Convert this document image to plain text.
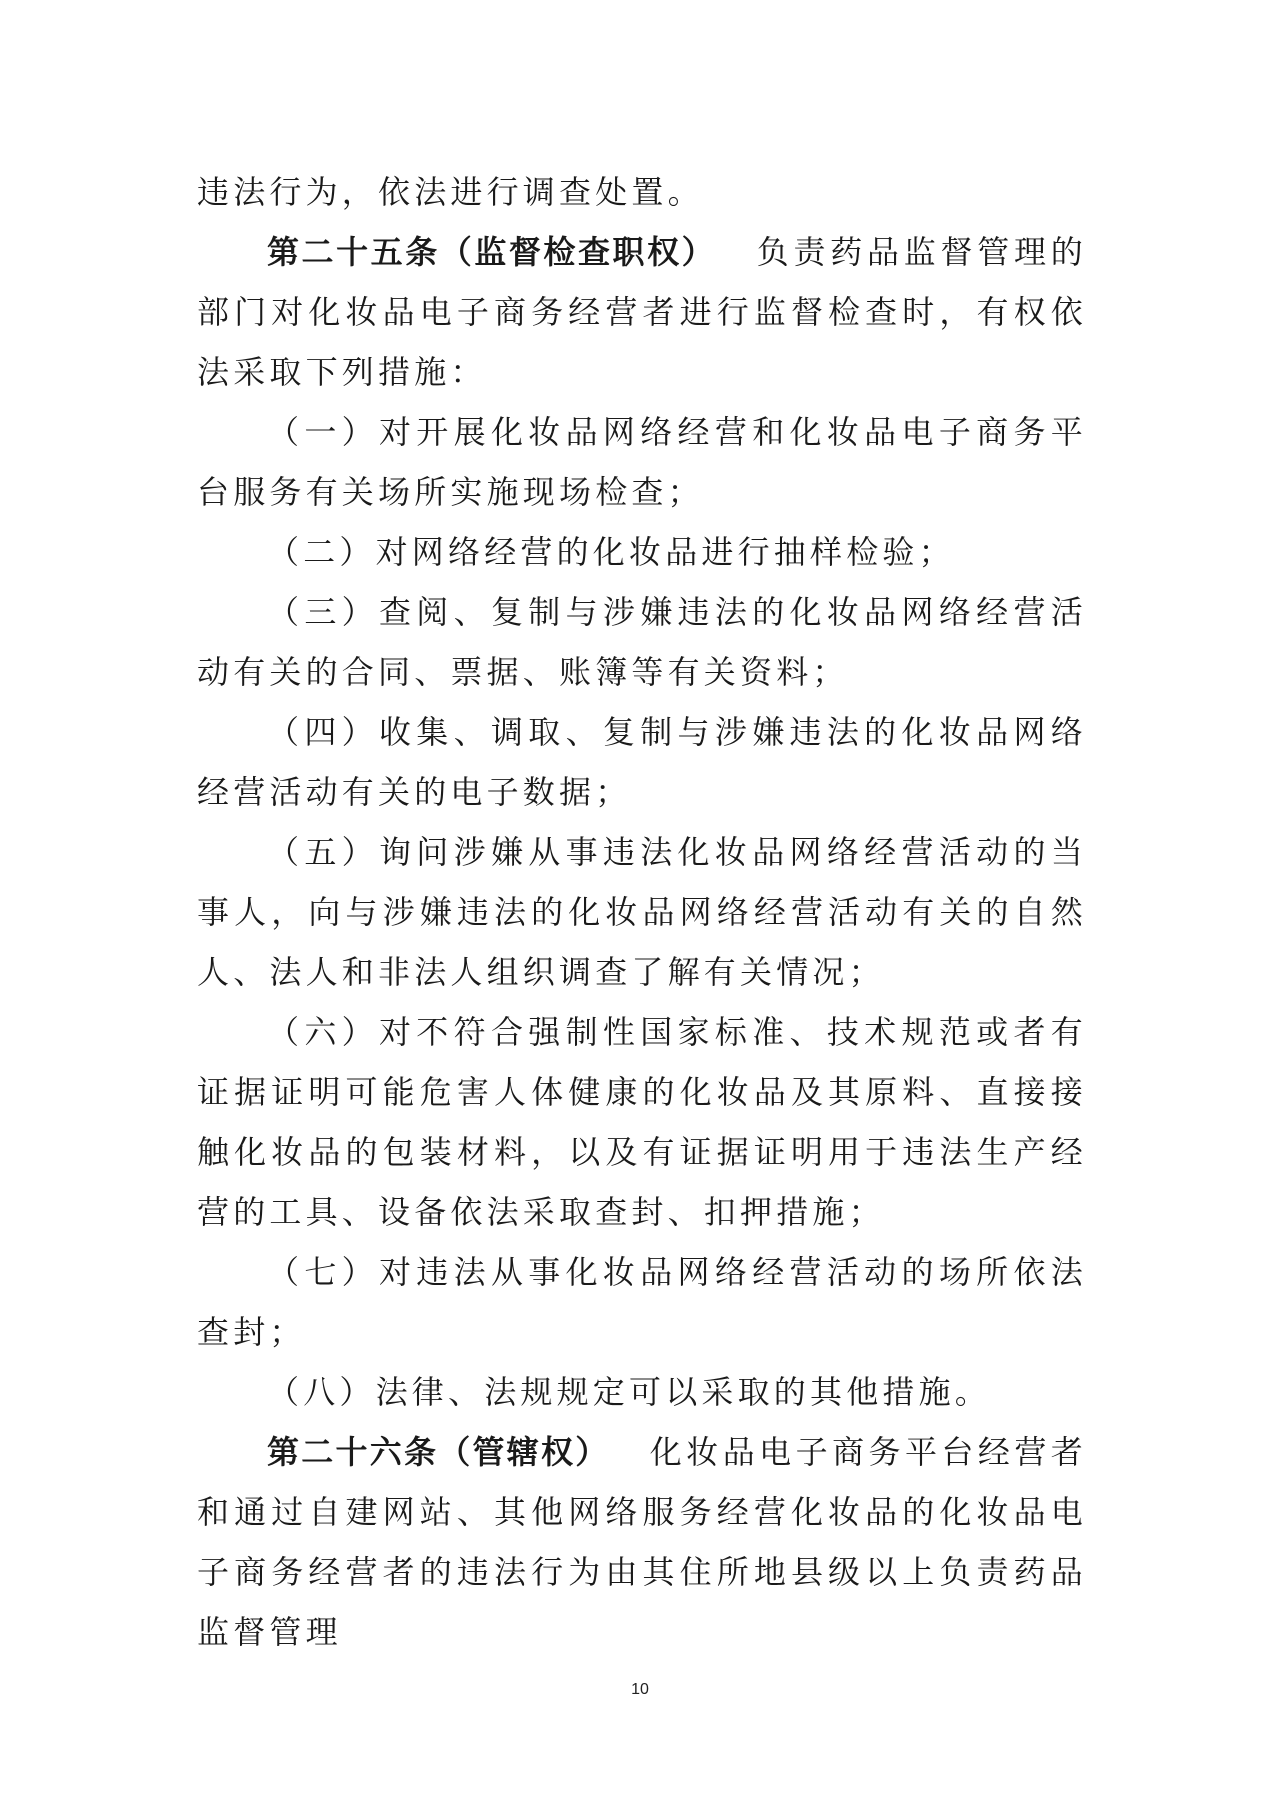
违法行为，依法进行调查处置。

第二十五条（监督检查职权） 负责药品监督管理的部门对化妆品电子商务经营者进行监督检查时，有权依法采取下列措施：

（一）对开展化妆品网络经营和化妆品电子商务平台服务有关场所实施现场检查；

（二）对网络经营的化妆品进行抽样检验；

（三）查阅、复制与涉嫌违法的化妆品网络经营活动有关的合同、票据、账簿等有关资料；

（四）收集、调取、复制与涉嫌违法的化妆品网络经营活动有关的电子数据；

（五）询问涉嫌从事违法化妆品网络经营活动的当事人，向与涉嫌违法的化妆品网络经营活动有关的自然人、法人和非法人组织调查了解有关情况；

（六）对不符合强制性国家标准、技术规范或者有证据证明可能危害人体健康的化妆品及其原料、直接接触化妆品的包装材料，以及有证据证明用于违法生产经营的工具、设备依法采取查封、扣押措施；

（七）对违法从事化妆品网络经营活动的场所依法查封；

（八）法律、法规规定可以采取的其他措施。

第二十六条（管辖权） 化妆品电子商务平台经营者和通过自建网站、其他网络服务经营化妆品的化妆品电子商务经营者的违法行为由其住所地县级以上负责药品监督管理

10
